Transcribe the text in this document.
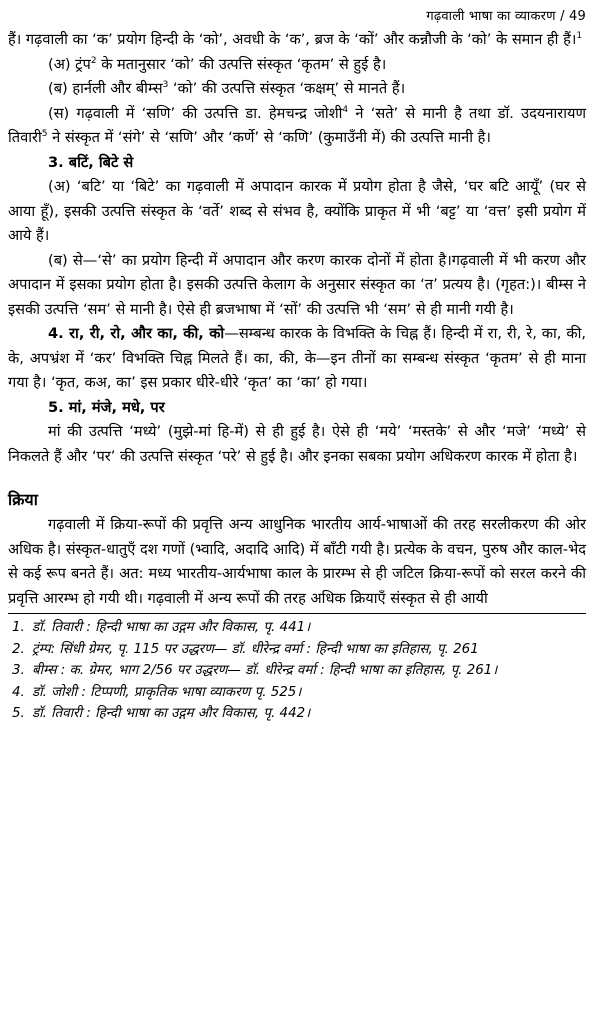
गढ़वाली भाषा का व्याकरण / 49

हैं। गढ़वाली का ‘क’ प्रयोग हिन्दी के ‘को’, अवधी के ‘क’, ब्रज के ‘कों’ और कन्नौजी के ‘को’ के समान ही हैं।$^1$

(अ) ट्रंप$^2$ के मतानुसार ‘को’ की उत्पत्ति संस्कृत ‘कृतम’ से हुई है।

(ब) हार्नली और बीम्स$^3$ ‘को’ की उत्पत्ति संस्कृत ‘कक्षम्’ से मानते हैं।

(स) गढ़वाली में ‘सणि’ की उत्पत्ति डा. हेमचन्द्र जोशी$^4$ ने ‘सते’ से मानी है तथा डॉ. उदयनारायण तिवारी$^5$ ने संस्कृत में ‘संगे’ से ‘सणि’ और ‘कर्णे’ से ‘कणि’ (कुमाउँनी में) की उत्पत्ति मानी है।

3. बटिं, बिटे से

(अ) ‘बटि’ या ‘बिटे’ का गढ़वाली में अपादान कारक में प्रयोग होता है जैसे, ‘घर बटि आयूँ’ (घर से आया हूँ), इसकी उत्पत्ति संस्कृत के ‘वर्ते’ शब्द से संभव है, क्योंकि प्राकृत में भी ‘बट्ट’ या ‘वत्त’ इसी प्रयोग में आये हैं।

(ब) से—‘से’ का प्रयोग हिन्दी में अपादान और करण कारक दोनों में होता है।गढ़वाली में भी करण और अपादान में इसका प्रयोग होता है। इसकी उत्पत्ति केलाग के अनुसार संस्कृत का ‘त’ प्रत्यय है। (गृहत:)। बीम्स ने इसकी उत्पत्ति ‘सम’ से मानी है। ऐसे ही ब्रजभाषा में ‘सों’ की उत्पत्ति भी ‘सम’ से ही मानी गयी है।

4. रा, री, रो, और का, की, को—सम्बन्ध कारक के विभक्ति के चिह्न हैं। हिन्दी में रा, री, रे, का, की, के, अपभ्रंश में ‘कर’ विभक्ति चिह्न मिलते हैं। का, की, के—इन तीनों का सम्बन्ध संस्कृत ‘कृतम’ से ही माना गया है। ‘कृत, कअ, का’ इस प्रकार धीरे-धीरे ‘कृत’ का ‘का’ हो गया।

5. मां, मंजे, मधे, पर

मां की उत्पत्ति ‘मध्ये’ (मुझे-मां हि-में) से ही हुई है। ऐसे ही ‘मये’ ‘मस्तके’ से और ‘मजे’ ‘मध्ये’ से निकलते हैं और ‘पर’ की उत्पत्ति संस्कृत ‘परे’ से हुई है। और इनका सबका प्रयोग अधिकरण कारक में होता है।

क्रिया

गढ़वाली में क्रिया-रूपों की प्रवृत्ति अन्य आधुनिक भारतीय आर्य-भाषाओं की तरह सरलीकरण की ओर अधिक है। संस्कृत-धातुएँ दश गणों (भ्वादि, अदादि आदि) में बाँटी गयी है। प्रत्येक के वचन, पुरुष और काल-भेद से कई रूप बनते हैं। अत: मध्य भारतीय-आर्यभाषा काल के प्रारम्भ से ही जटिल क्रिया-रूपों को सरल करने की प्रवृत्ति आरम्भ हो गयी थी। गढ़वाली में अन्य रूपों की तरह अधिक क्रियाएँ संस्कृत से ही आयी

1. डॉ. तिवारी : हिन्दी भाषा का उद्गम और विकास, पृ. 441।
2. ट्रंम्प: सिंधी ग्रेमर, पृ. 115 पर उद्धरण— डॉ. धीरेन्द्र वर्मा : हिन्दी भाषा का इतिहास, पृ. 261
3. बीम्स : क. ग्रेमर, भाग 2/56 पर उद्धरण— डॉ. धीरेन्द्र वर्मा : हिन्दी भाषा का इतिहास, पृ. 261।
4. डॉ. जोशी : टिप्पणी, प्राकृतिक भाषा व्याकरण पृ. 525।
5. डॉ. तिवारी : हिन्दी भाषा का उद्गम और विकास, पृ. 442।
